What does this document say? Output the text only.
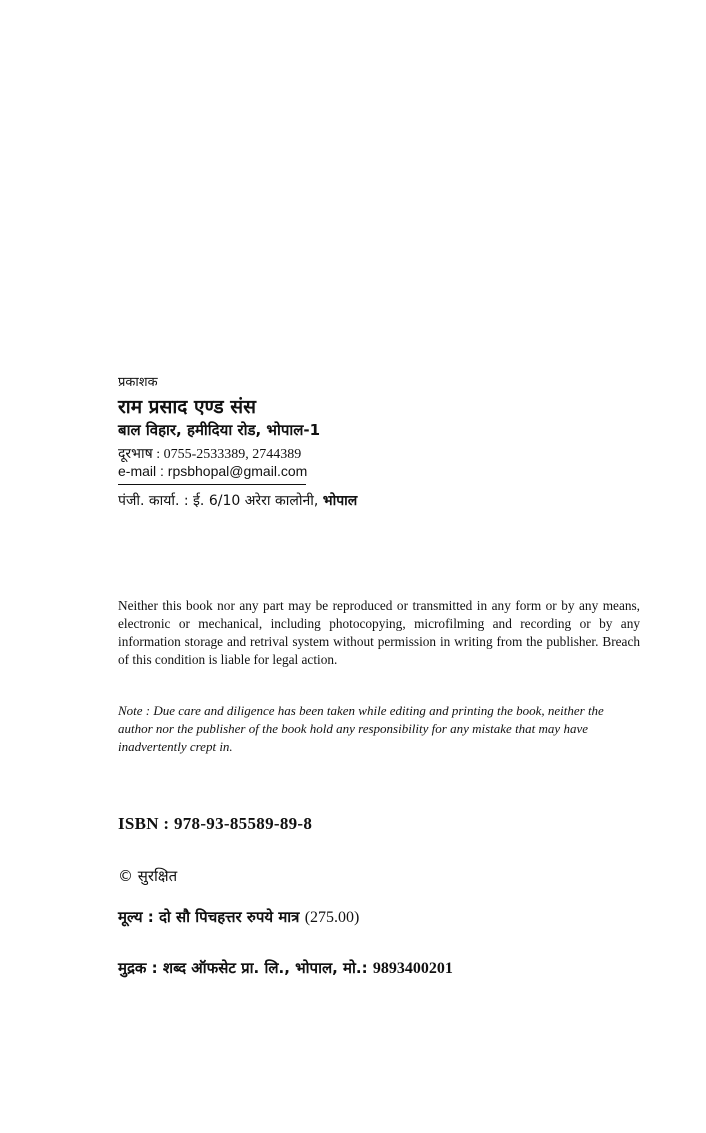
प्रकाशक
राम प्रसाद एण्ड संस
बाल विहार, हमीदिया रोड, भोपाल-1
दूरभाष : 0755-2533389, 2744389
e-mail : rpsbhopal@gmail.com
पंजी. कार्या. : ई. 6/10 अरेरा कालोनी, भोपाल
Neither this book nor any part may be reproduced or transmitted in any form or by any means, electronic or mechanical, including photocopying, microfilming and recording or by any information storage and retrival system without permission in writing from the publisher. Breach of this condition is liable for legal action.
Note : Due care and diligence has been taken while editing and printing the book, neither the author nor the publisher of the book hold any responsibility for any mistake that may have inadvertently crept in.
ISBN : 978-93-85589-89-8
© सुरक्षित
मूल्य : दो सौ पिचहत्तर रुपये मात्र (275.00)
मुद्रक : शब्द ऑफसेट प्रा. लि., भोपाल, मो.: 9893400201
